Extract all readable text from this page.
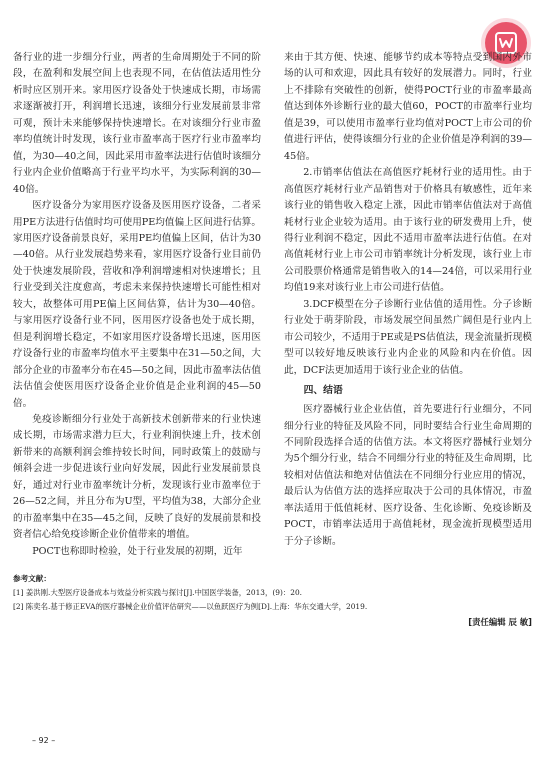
备行业的进一步细分行业，两者的生命周期处于不同的阶段，在盈利和发展空间上也表现不同，在估值法适用性分析时应区别开来。家用医疗设备处于快速成长期，市场需求逐渐被打开，利润增长迅速，该细分行业发展前景非常可观，预计未来能够保持快速增长。在对该细分行业市盈率均值统计时发现，该行业市盈率高于医疗行业市盈率均值，为30—40之间，因此采用市盈率法进行估值时该细分行业内企业价值略高于行业平均水平，为实际利润的30—40倍。

医疗设备分为家用医疗设备及医用医疗设备，二者采用PE方法进行估值时均可使用PE均值偏上区间进行估算。家用医疗设备前景良好，采用PE均值偏上区间，估计为30—40倍。从行业发展趋势来看，家用医疗设备行业目前仍处于快速发展阶段，营收和净利润增速相对快速增长；且行业受到关注度愈高，考虑未来保持快速增长可能性相对较大，故整体可用PE偏上区间估算，估计为30—40倍。与家用医疗设备行业不同，医用医疗设备也处于成长期，但是利润增长稳定，不如家用医疗设备增长迅速，医用医疗设备行业的市盈率均值水平主要集中在31—50之间，大部分企业的市盈率分布在45—50之间，因此市盈率法估值法估值会使医用医疗设备企业价值是企业利润的45—50倍。

免疫诊断细分行业处于高新技术创新带来的行业快速成长期，市场需求潜力巨大，行业利润快速上升，技术创新带来的高额利润会维持较长时间，同时政策上的鼓励与倾斜会进一步促进该行业向好发展，因此行业发展前景良好，通过对行业市盈率统计分析，发现该行业市盈率位于26—52之间，并且分布为U型，平均值为38，大部分企业的市盈率集中在35—45之间，反映了良好的发展前景和投资者信心给免疫诊断企业价值带来的增值。

POCT也称即时检验，处于行业发展的初期，近年

来由于其方便、快速、能够节约成本等特点受到国内外市场的认可和欢迎，因此具有较好的发展潜力。同时，行业上不排除有突破性的创新，使得POCT行业的市盈率最高值达到体外诊断行业的最大值60，POCT的市盈率行业均值是39，可以使用市盈率行业均值对POCT上市公司的价值进行评估，使得该细分行业的企业价值是净利润的39—45倍。

2.市销率估值法在高值医疗耗材行业的适用性。由于高值医疗耗材行业产品销售对于价格具有敏感性，近年来该行业的销售收入稳定上涨，因此市销率估值法对于高值耗材行业企业较为适用。由于该行业的研发费用上升，使得行业利润不稳定，因此不适用市盈率法进行估值。在对高值耗材行业上市公司市销率统计分析发现，该行业上市公司股票价格通常是销售收入的14—24倍，可以采用行业均值19来对该行业上市公司进行估值。

3.DCF模型在分子诊断行业估值的适用性。分子诊断行业处于萌芽阶段，市场发展空间虽然广阔但是行业内上市公司较少，不适用于PE或是PS估值法，现金流量折现模型可以较好地反映该行业内企业的风险和内在价值。因此，DCF法更加适用于该行业企业的估值。

四、结语

医疗器械行业企业估值，首先要进行行业细分，不同细分行业的特征及风险不同，同时要结合行业生命周期的不同阶段选择合适的估值方法。本文将医疗器械行业划分为5个细分行业，结合不同细分行业的特征及生命周期，比较相对估值法和绝对估值法在不同细分行业应用的情况，最后认为估值方法的选择应取决于公司的具体情况，市盈率法适用于低值耗材、医疗设备、生化诊断、免疫诊断及POCT，市销率法适用于高值耗材，现金流折现模型适用于分子诊断。

参考文献：
[1] 姜洪刚.大型医疗设备成本与效益分析实践与探讨[J].中国医学装备，2013，(9)：20.
[2] 陈奕名.基于修正EVA的医疗器械企业价值评估研究——以鱼跃医疗为例[D].上海：华东交通大学，2019.
[责任编辑 辰 敏]
– 92 –
